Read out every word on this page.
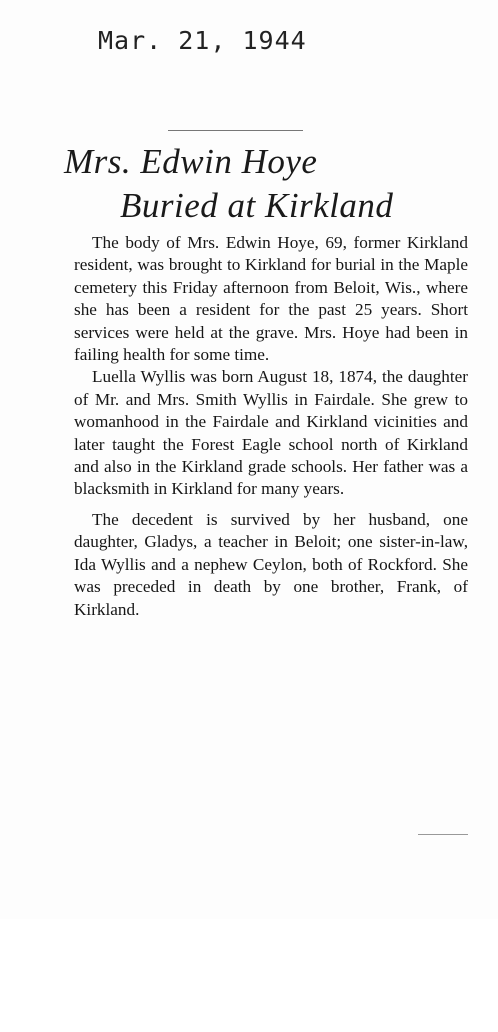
Mar. 21, 1944
Mrs. Edwin Hoye
Buried at Kirkland

The body of Mrs. Edwin Hoye, 69, former Kirkland resident, was brought to Kirkland for burial in the Maple cemetery this Friday afternoon from Beloit, Wis., where she has been a resident for the past 25 years. Short services were held at the grave. Mrs. Hoye had been in failing health for some time.

Luella Wyllis was born August 18, 1874, the daughter of Mr. and Mrs. Smith Wyllis in Fairdale. She grew to womanhood in the Fairdale and Kirkland vicinities and later taught the Forest Eagle school north of Kirkland and also in the Kirkland grade schools. Her father was a blacksmith in Kirkland for many years.

The decedent is survived by her husband, one daughter, Gladys, a teacher in Beloit; one sister-in-law, Ida Wyllis and a nephew Ceylon, both of Rockford. She was preceded in death by one brother, Frank, of Kirkland.
